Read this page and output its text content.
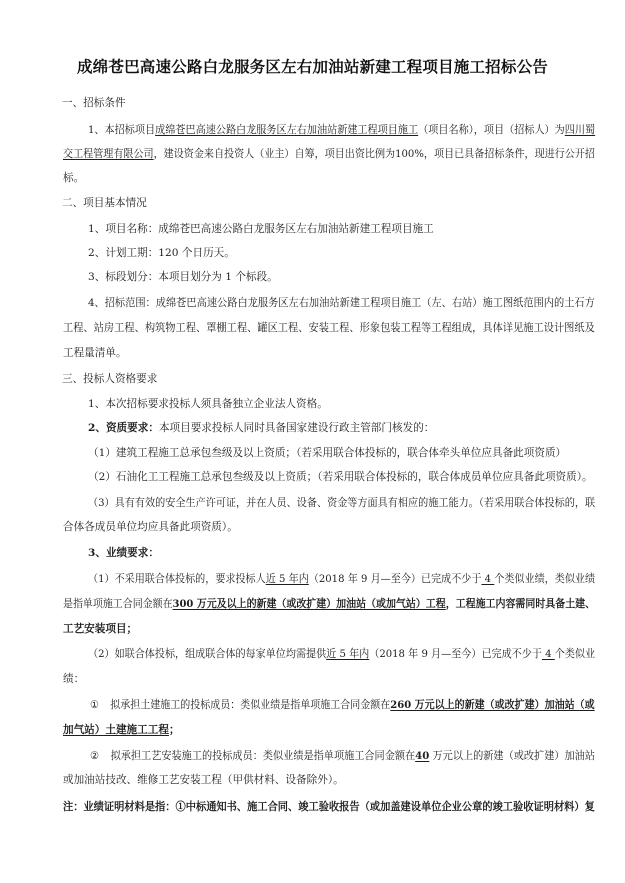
成绵苍巴高速公路白龙服务区左右加油站新建工程项目施工招标公告
一、招标条件
1、本招标项目成绵苍巴高速公路白龙服务区左右加油站新建工程项目施工（项目名称），项目（招标人）为四川蜀
交工程管理有限公司，建设资金来自投资人（业主）自筹，项目出资比例为100%，项目已具备招标条件，现进行公开招
标。
二、项目基本情况
1、项目名称：成绵苍巴高速公路白龙服务区左右加油站新建工程项目施工
2、计划工期：120 个日历天。
3、标段划分：本项目划分为 1 个标段。
4、招标范围：成绵苍巴高速公路白龙服务区左右加油站新建工程项目施工（左、右站）施工图纸范围内的土石方
工程、站房工程、构筑物工程、罩棚工程、罐区工程、安装工程、形象包装工程等工程组成，具体详见施工设计图纸及
工程量清单。
三、投标人资格要求
1、本次招标要求投标人须具备独立企业法人资格。
2、资质要求：本项目要求投标人同时具备国家建设行政主管部门核发的：
（1）建筑工程施工总承包叁级及以上资质；（若采用联合体投标的，联合体牵头单位应具备此项资质）
（2）石油化工工程施工总承包叁级及以上资质；（若采用联合体投标的，联合体成员单位应具备此项资质）。
（3）具有有效的安全生产许可证，并在人员、设备、资金等方面具有相应的施工能力。（若采用联合体投标的，联
合体各成员单位均应具备此项资质）。
3、业绩要求：
（1）不采用联合体投标的，要求投标人近 5 年内（2018 年 9 月—至今）已完成不少于 4 个类似业绩，类似业绩
是指单项施工合同金额在300 万元及以上的新建（或改扩建）加油站（或加气站）工程，工程施工内容需同时具备土建、
工艺安装项目；
（2）如联合体投标，组成联合体的每家单位均需提供近 5 年内（2018 年 9 月—至今）已完成不少于 4 个类似业
绩：
① 拟承担土建施工的投标成员：类似业绩是指单项施工合同金额在260 万元以上的新建（或改扩建）加油站（或
加气站）土建施工工程；
② 拟承担工艺安装施工的投标成员：类似业绩是指单项施工合同金额在40 万元以上的新建（或改扩建）加油站
或加油站技改、维修工艺安装工程（甲供材料、设备除外）。
注：业绩证明材料是指：①中标通知书、施工合同、竣工验收报告（或加盖建设单位企业公章的竣工验收证明材料）复
